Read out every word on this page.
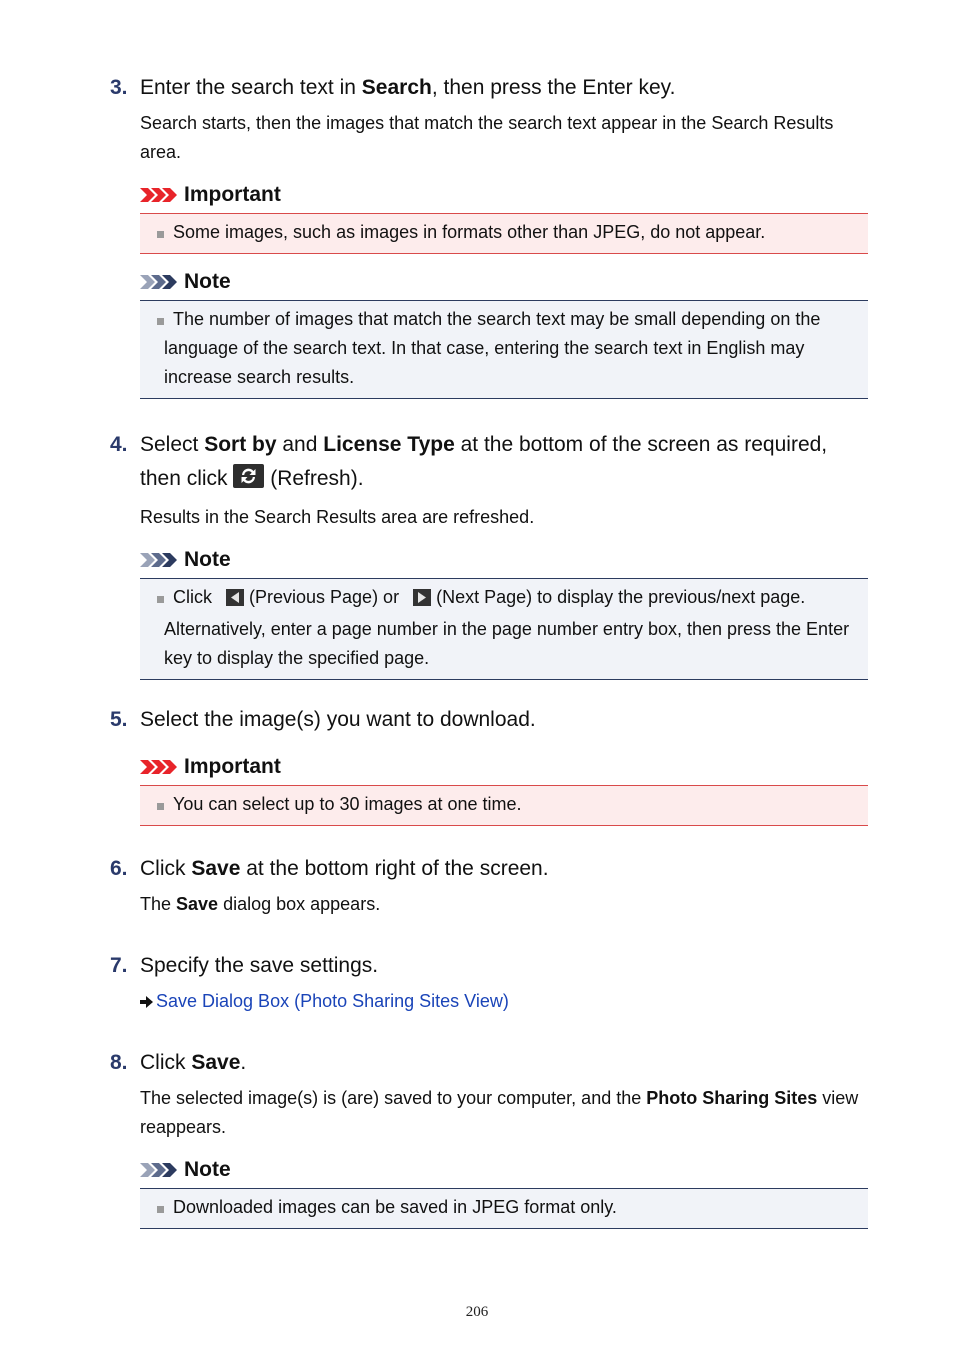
3. Enter the search text in Search, then press the Enter key.
Search starts, then the images that match the search text appear in the Search Results area.
Important
Some images, such as images in formats other than JPEG, do not appear.
Note
The number of images that match the search text may be small depending on the language of the search text. In that case, entering the search text in English may increase search results.
4. Select Sort by and License Type at the bottom of the screen as required, then click  (Refresh).
Results in the Search Results area are refreshed.
Note
Click  (Previous Page) or  (Next Page) to display the previous/next page. Alternatively, enter a page number in the page number entry box, then press the Enter key to display the specified page.
5. Select the image(s) you want to download.
Important
You can select up to 30 images at one time.
6. Click Save at the bottom right of the screen.
The Save dialog box appears.
7. Specify the save settings.
Save Dialog Box (Photo Sharing Sites View)
8. Click Save.
The selected image(s) is (are) saved to your computer, and the Photo Sharing Sites view reappears.
Note
Downloaded images can be saved in JPEG format only.
206
